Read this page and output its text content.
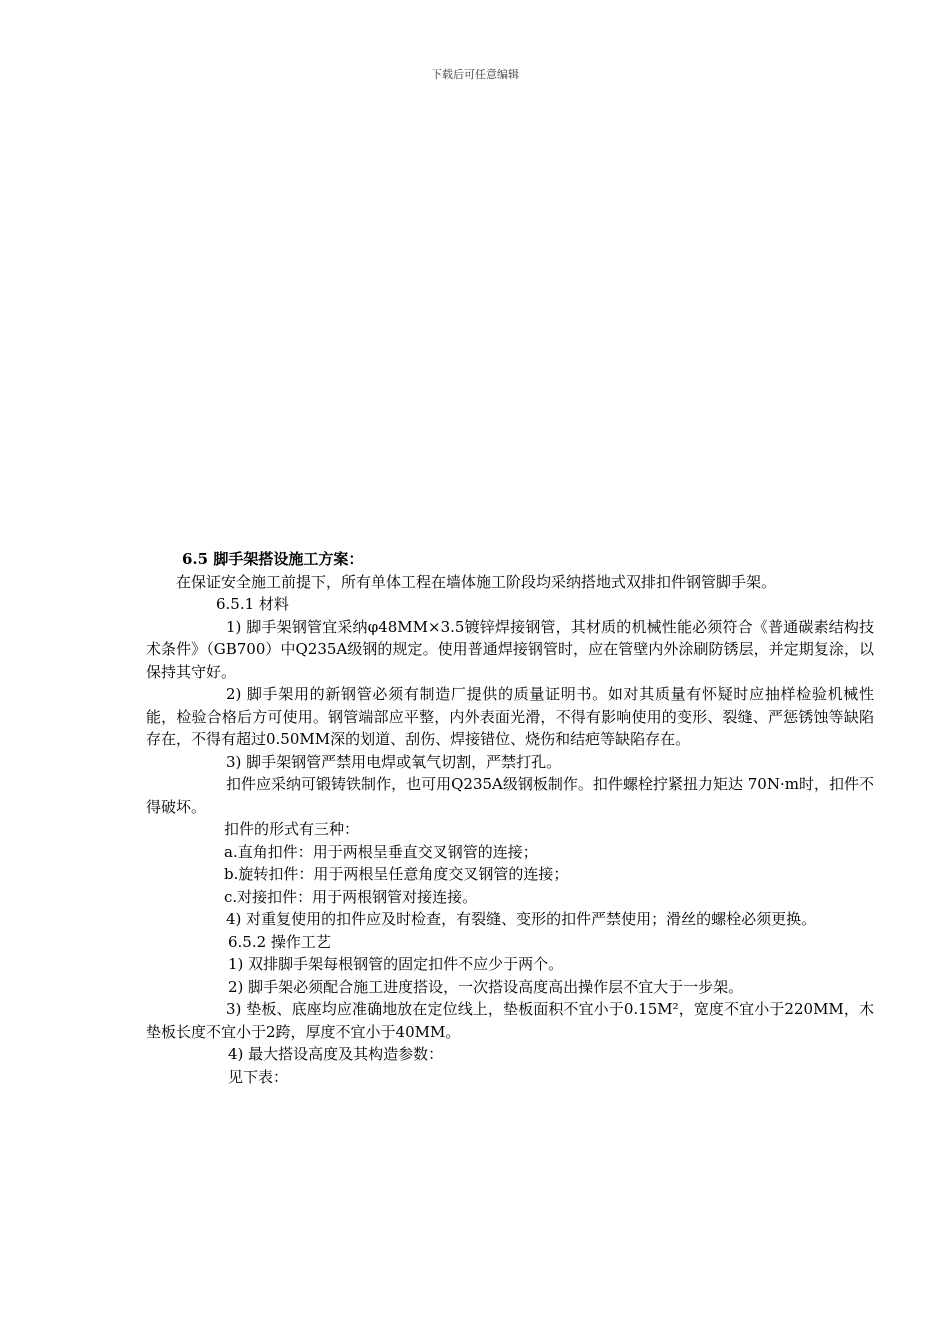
下载后可任意编辑

6.5 脚手架搭设施工方案：

在保证安全施工前提下，所有单体工程在墙体施工阶段均采纳搭地式双排扣件钢管脚手架。

6.5.1 材料

1) 脚手架钢管宜采纳φ48MM×3.5镀锌焊接钢管，其材质的机械性能必须符合《普通碳素结构技术条件》（GB700）中Q235A级钢的规定。使用普通焊接钢管时，应在管壁内外涂刷防锈层，并定期复涂，以保持其守好。

2) 脚手架用的新钢管必须有制造厂提供的质量证明书。如对其质量有怀疑时应抽样检验机械性能，检验合格后方可使用。钢管端部应平整，内外表面光滑，不得有影响使用的变形、裂缝、严惩锈蚀等缺陷存在，不得有超过0.50MM深的划道、刮伤、焊接错位、烧伤和结疤等缺陷存在。

3) 脚手架钢管严禁用电焊或氧气切割，严禁打孔。

扣件应采纳可锻铸铁制作，也可用Q235A级钢板制作。扣件螺栓拧紧扭力矩达 70N·m时，扣件不得破坏。

扣件的形式有三种：

a.直角扣件：用于两根呈垂直交叉钢管的连接；

b.旋转扣件：用于两根呈任意角度交叉钢管的连接；

c.对接扣件：用于两根钢管对接连接。

4) 对重复使用的扣件应及时检查，有裂缝、变形的扣件严禁使用；滑丝的螺栓必须更换。

6.5.2 操作工艺

1) 双排脚手架每根钢管的固定扣件不应少于两个。

2) 脚手架必须配合施工进度搭设，一次搭设高度高出操作层不宜大于一步架。

3) 垫板、底座均应准确地放在定位线上，垫板面积不宜小于0.15M²，宽度不宜小于220MM，木垫板长度不宜小于2跨，厚度不宜小于40MM。

4) 最大搭设高度及其构造参数：

见下表：
